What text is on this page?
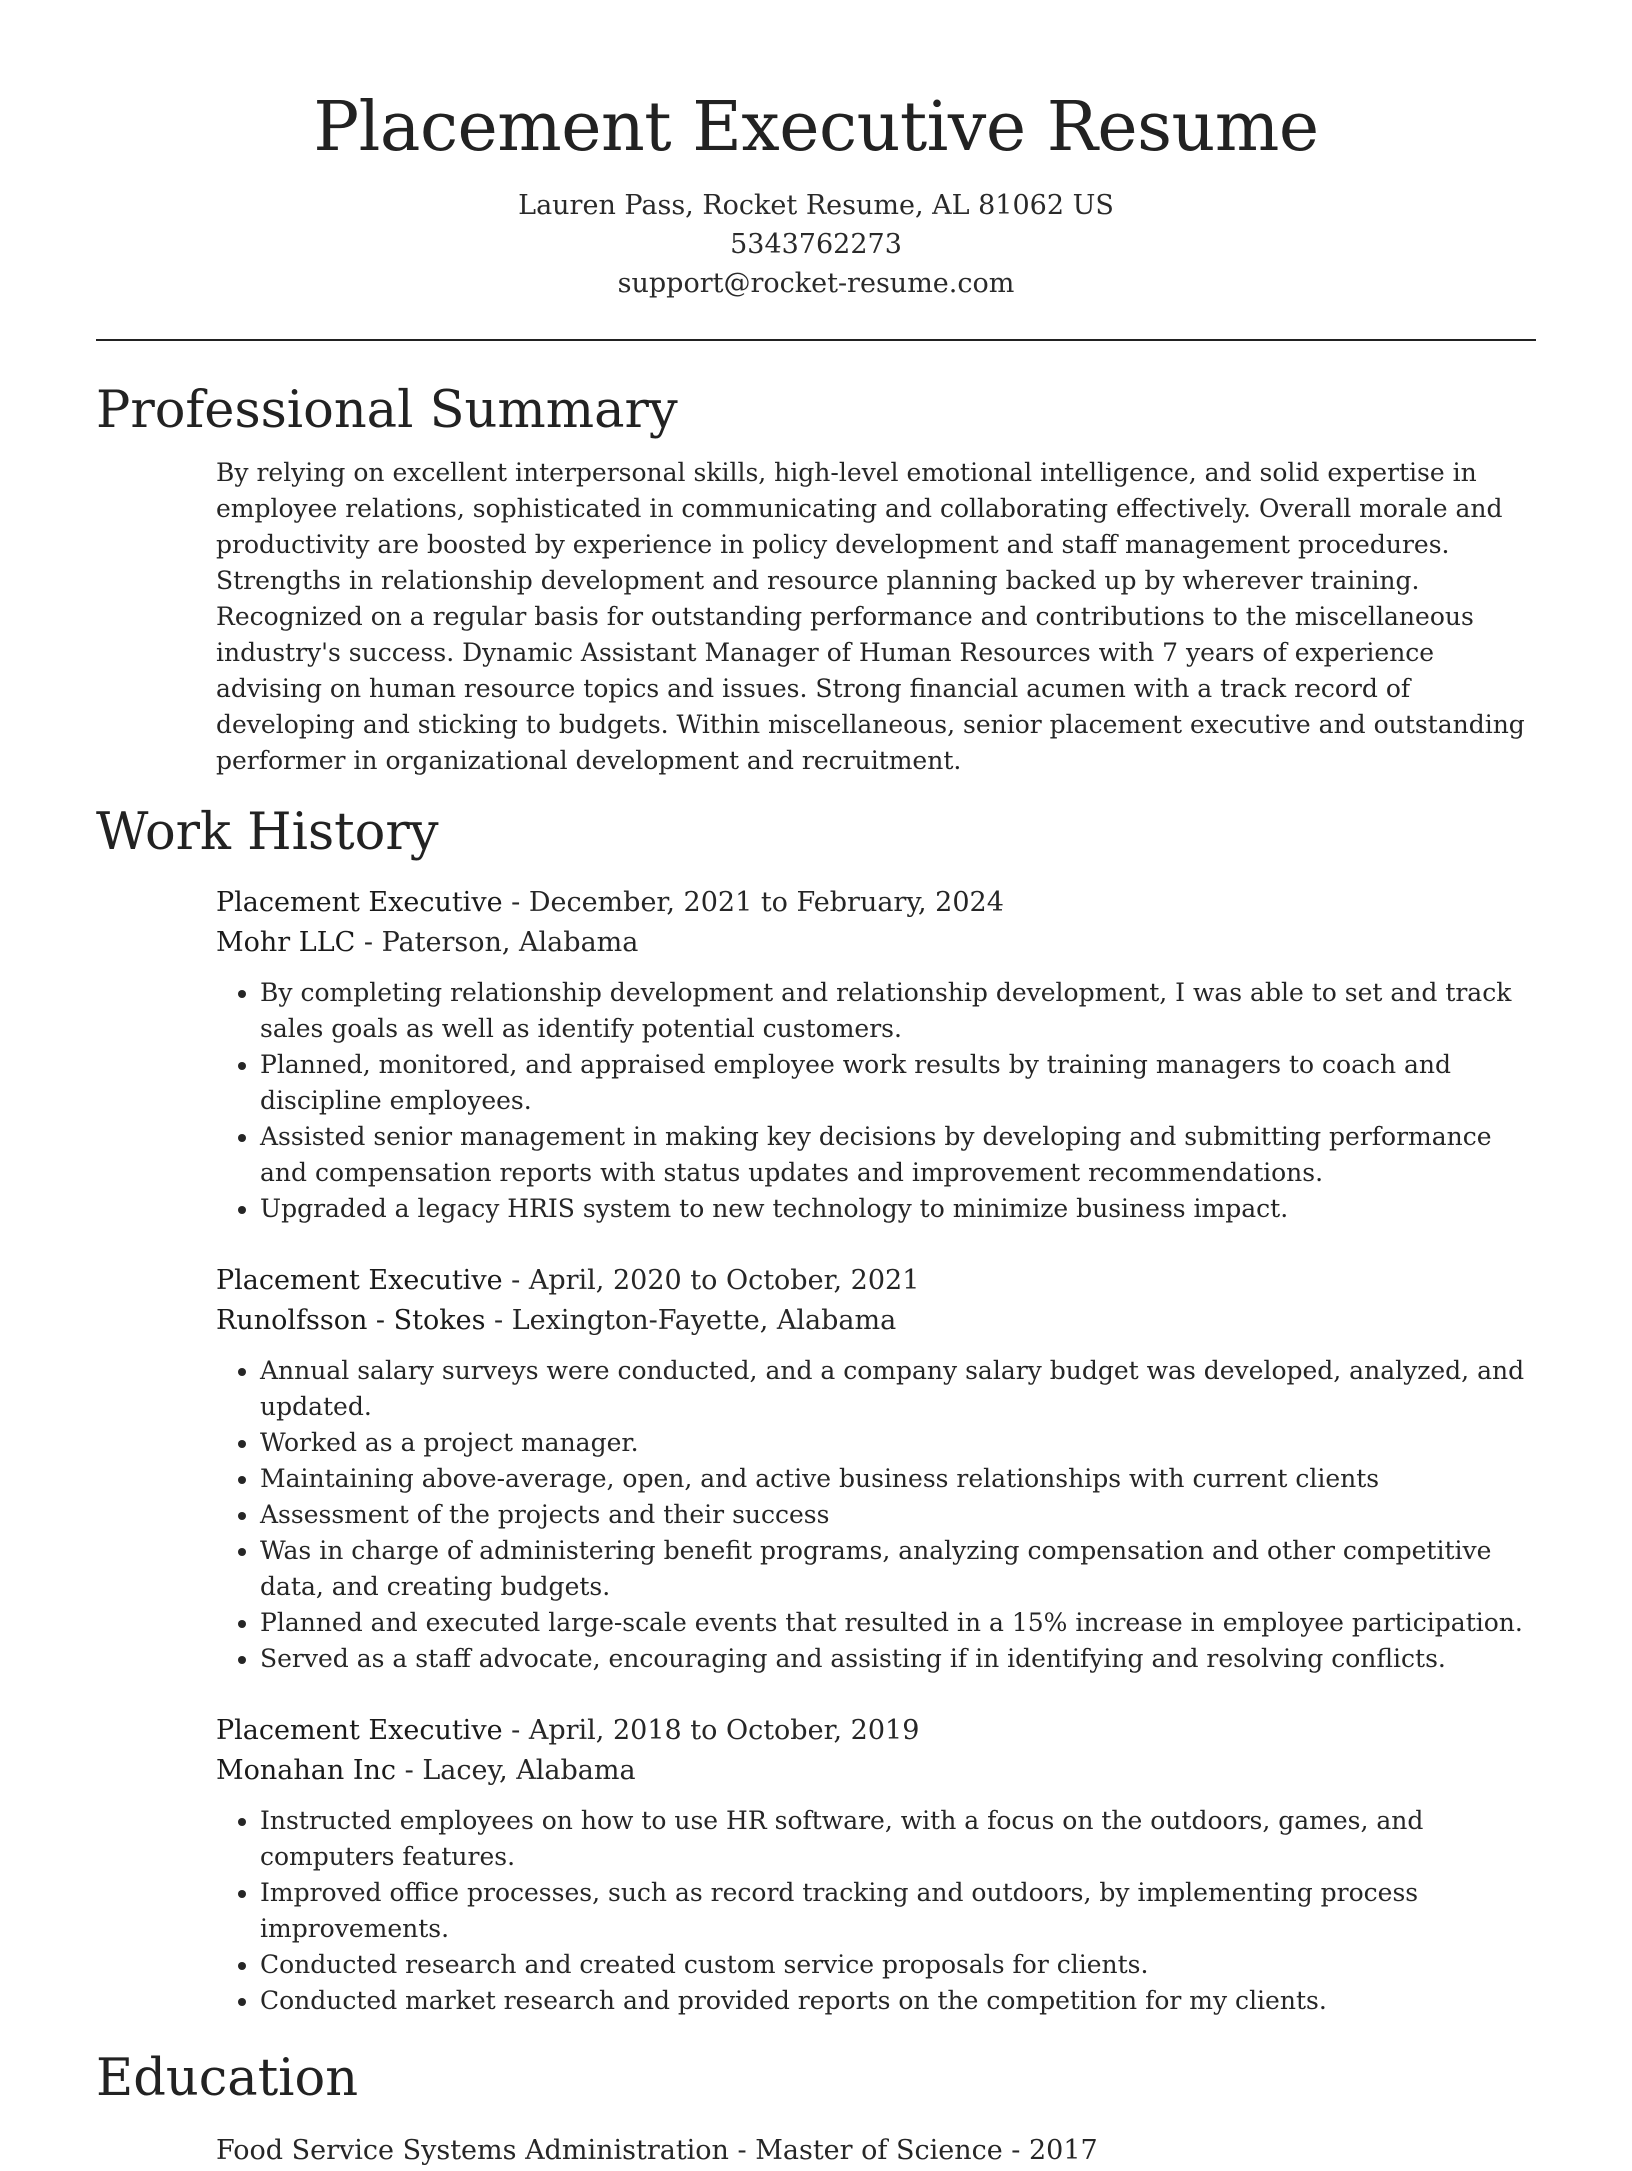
Placement Executive Resume
Lauren Pass, Rocket Resume, AL 81062 US
5343762273
support@rocket-resume.com
Professional Summary
By relying on excellent interpersonal skills, high-level emotional intelligence, and solid expertise in employee relations, sophisticated in communicating and collaborating effectively. Overall morale and productivity are boosted by experience in policy development and staff management procedures. Strengths in relationship development and resource planning backed up by wherever training. Recognized on a regular basis for outstanding performance and contributions to the miscellaneous industry's success. Dynamic Assistant Manager of Human Resources with 7 years of experience advising on human resource topics and issues. Strong financial acumen with a track record of developing and sticking to budgets. Within miscellaneous, senior placement executive and outstanding performer in organizational development and recruitment.
Work History
Placement Executive - December, 2021 to February, 2024
Mohr LLC - Paterson, Alabama
• By completing relationship development and relationship development, I was able to set and track sales goals as well as identify potential customers.
• Planned, monitored, and appraised employee work results by training managers to coach and discipline employees.
• Assisted senior management in making key decisions by developing and submitting performance and compensation reports with status updates and improvement recommendations.
• Upgraded a legacy HRIS system to new technology to minimize business impact.
Placement Executive - April, 2020 to October, 2021
Runolfsson - Stokes - Lexington-Fayette, Alabama
• Annual salary surveys were conducted, and a company salary budget was developed, analyzed, and updated.
• Worked as a project manager.
• Maintaining above-average, open, and active business relationships with current clients
• Assessment of the projects and their success
• Was in charge of administering benefit programs, analyzing compensation and other competitive data, and creating budgets.
• Planned and executed large-scale events that resulted in a 15% increase in employee participation.
• Served as a staff advocate, encouraging and assisting if in identifying and resolving conflicts.
Placement Executive - April, 2018 to October, 2019
Monahan Inc - Lacey, Alabama
• Instructed employees on how to use HR software, with a focus on the outdoors, games, and computers features.
• Improved office processes, such as record tracking and outdoors, by implementing process improvements.
• Conducted research and created custom service proposals for clients.
• Conducted market research and provided reports on the competition for my clients.
Education
Food Service Systems Administration - Master of Science - 2017
